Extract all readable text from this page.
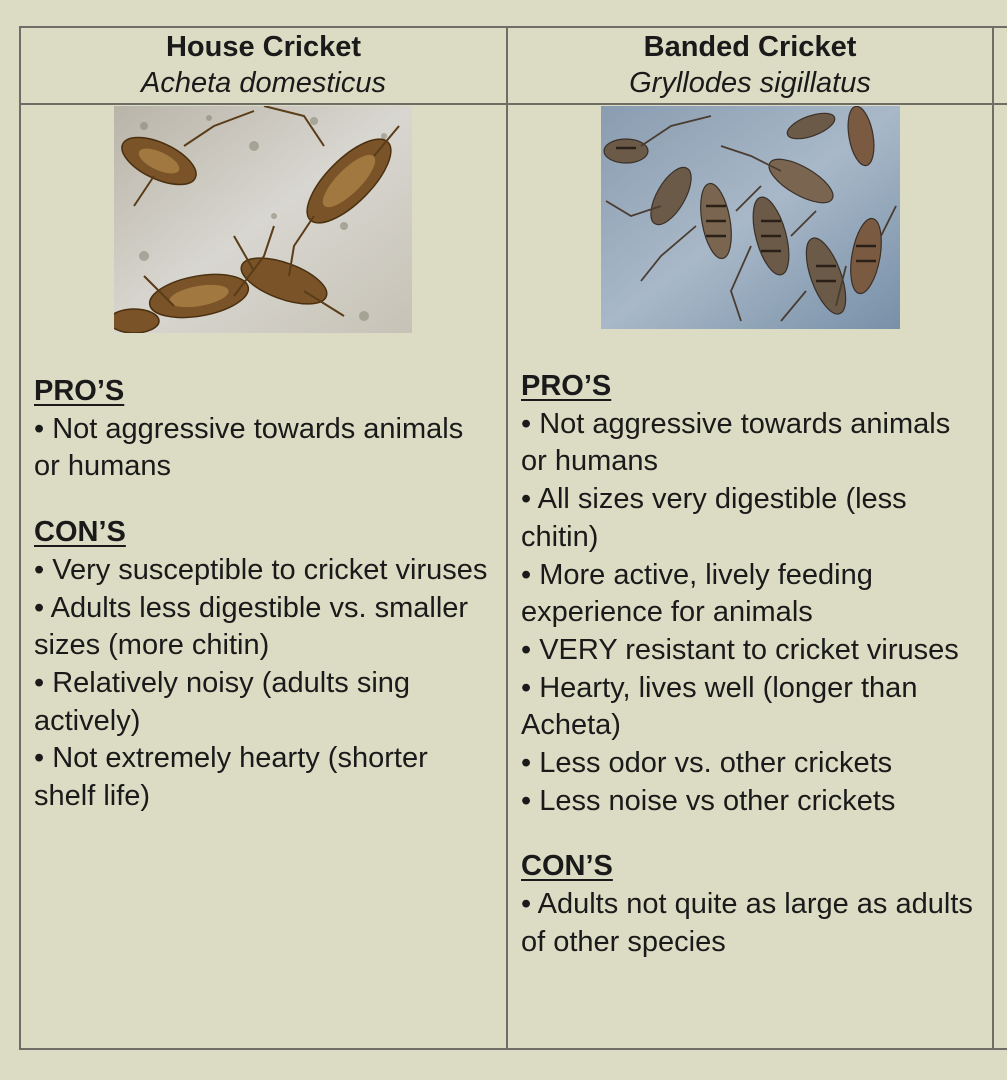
House Cricket
Acheta domesticus
Banded Cricket
Gryllodes sigillatus
PRO’S
• Not aggressive towards animals or humans
CON’S
• Very susceptible to cricket viruses
• Adults less digestible vs. smaller sizes (more chitin)
• Relatively noisy (adults sing actively)
• Not extremely hearty (shorter shelf life)
PRO’S
• Not aggressive towards animals or humans
• All sizes very digestible (less chitin)
• More active, lively feeding experience for animals
• VERY resistant to cricket viruses
• Hearty, lives well (longer than Acheta)
• Less odor vs. other crickets
• Less noise vs other crickets
CON’S
• Adults not quite as large as adults of other species
